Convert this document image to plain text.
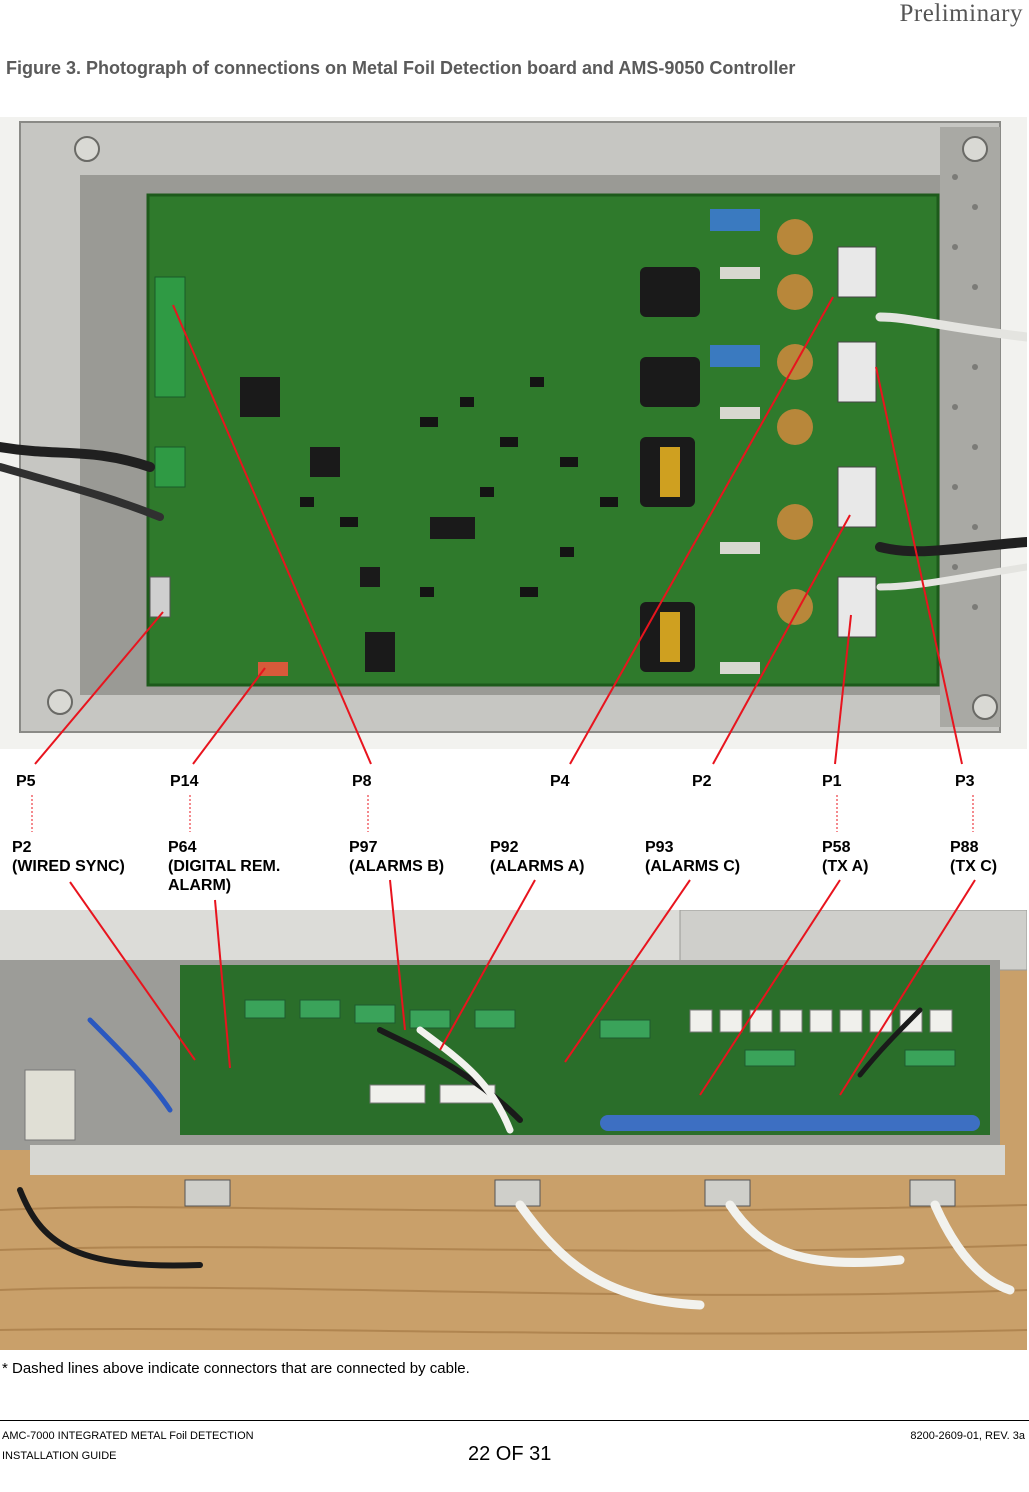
Preliminary
Figure 3. Photograph of connections on Metal Foil Detection board and AMS-9050 Controller
P5	P14	P8	P4	P2	P1	P3
P2
(WIRED SYNC)
P64
(DIGITAL REM.
ALARM)
P97
(ALARMS B)
P92
(ALARMS A)
P93
(ALARMS C)
P58
(TX A)
P88
(TX C)
* Dashed lines above indicate connectors that are connected by cable.
AMC-7000 INTEGRATED METAL Foil DETECTION
INSTALLATION GUIDE
8200-2609-01, REV. 3a
22 OF 31
